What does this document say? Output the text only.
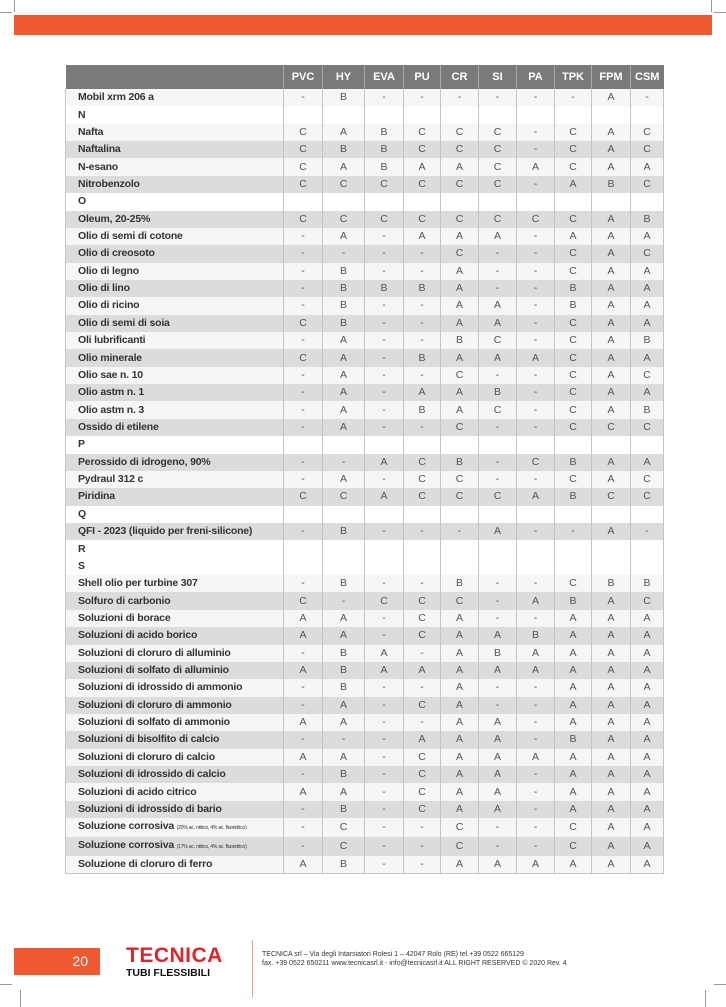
	PVC	HY	EVA	PU	CR	SI	PA	TPK	FPM	CSM
Mobil xrm 206 a	-	B	-	-	-	-	-	-	A	-
N										
Nafta	C	A	B	C	C	C	-	C	A	C
Naftalina	C	B	B	C	C	C	-	C	A	C
N-esano	C	A	B	A	A	C	A	C	A	A
Nitrobenzolo	C	C	C	C	C	C	-	A	B	C
O										
Oleum, 20-25%	C	C	C	C	C	C	C	C	A	B
Olio di semi di cotone	-	A	-	A	A	A	-	A	A	A
Olio di creosoto	-	-	-	-	C	-	-	C	A	C
Olio di legno	-	B	-	-	A	-	-	C	A	A
Olio di lino	-	B	B	B	A	-	-	B	A	A
Olio di ricino	-	B	-	-	A	A	-	B	A	A
Olio di semi di soia	C	B	-	-	A	A	-	C	A	A
Oli lubrificanti	-	A	-	-	B	C	-	C	A	B
Olio minerale	C	A	-	B	A	A	A	C	A	A
Olio sae n. 10	-	A	-	-	C	-	-	C	A	C
Olio astm n. 1	-	A	-	A	A	B	-	C	A	A
Olio astm n. 3	-	A	-	B	A	C	-	C	A	B
Ossido di etilene	-	A	-	-	C	-	-	C	C	C
P										
Perossido di idrogeno, 90%	-	-	A	C	B	-	C	B	A	A
Pydraul 312 c	-	A	-	C	C	-	-	C	A	C
Piridina	C	C	A	C	C	C	A	B	C	C
Q										
QFI - 2023 (liquido per freni-silicone)	-	B	-	-	-	A	-	-	A	-
R										
S										
Shell olio per turbine 307	-	B	-	-	B	-	-	C	B	B
Solfuro di carbonio	C	-	C	C	C	-	A	B	A	C
Soluzioni di borace	A	A	-	C	A	-	-	A	A	A
Soluzioni di acido borico	A	A	-	C	A	A	B	A	A	A
Soluzioni di cloruro di alluminio	-	B	A	-	A	B	A	A	A	A
Soluzioni di solfato di alluminio	A	B	A	A	A	A	A	A	A	A
Soluzioni di idrossido di ammonio	-	B	-	-	A	-	-	A	A	A
Soluzioni di cloruro di ammonio	-	A	-	C	A	-	-	A	A	A
Soluzioni di solfato di ammonio	A	A	-	-	A	A	-	A	A	A
Soluzioni di bisolfito di calcio	-	-	-	A	A	A	-	B	A	A
Soluzioni di cloruro di calcio	A	A	-	C	A	A	A	A	A	A
Soluzioni di idrossido di calcio	-	B	-	C	A	A	-	A	A	A
Soluzioni di acido citrico	A	A	-	C	A	A	-	A	A	A
Soluzioni di idrossido di bario	-	B	-	C	A	A	-	A	A	A
Soluzione corrosiva (20% ac. nitrico, 4% ac. fluoridrico)	-	C	-	-	C	-	-	C	A	A
Soluzione corrosiva (17% ac. nitrico, 4% ac. fluoridrico)	-	C	-	-	C	-	-	C	A	A
Soluzione di cloruro di ferro	A	B	-	-	A	A	A	A	A	A
20	TECNICA
TUBI FLESSIBILI
TECNICA srl – Via degli Intarsiatori Rolesi 1 – 42047 Rolo (RE) tel.+39 0522 665129
fax. +39 0522 650211 www.tecnicasrl.it - info@tecnicasrl.it ALL RIGHT RESERVED © 2020 Rev. 4
